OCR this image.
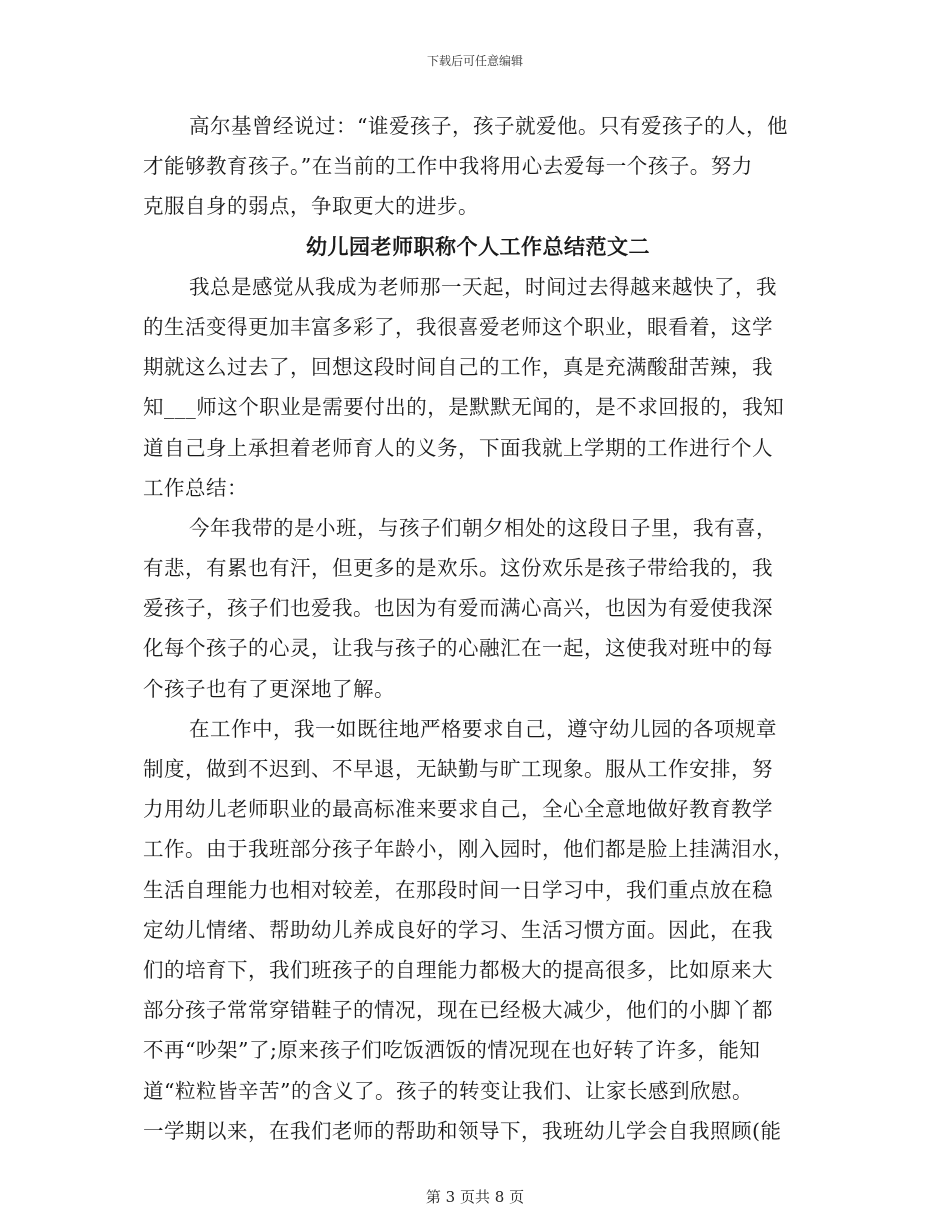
下载后可任意编辑
高尔基曾经说过：“谁爱孩子，孩子就爱他。只有爱孩子的人，他
才能够教育孩子。”在当前的工作中我将用心去爱每一个孩子。努力
克服自身的弱点，争取更大的进步。
幼儿园老师职称个人工作总结范文二
我总是感觉从我成为老师那一天起，时间过去得越来越快了，我
的生活变得更加丰富多彩了，我很喜爱老师这个职业，眼看着，这学
期就这么过去了，回想这段时间自己的工作，真是充满酸甜苦辣，我
知___师这个职业是需要付出的，是默默无闻的，是不求回报的，我知
道自己身上承担着老师育人的义务，下面我就上学期的工作进行个人
工作总结：
今年我带的是小班，与孩子们朝夕相处的这段日子里，我有喜，
有悲，有累也有汗，但更多的是欢乐。这份欢乐是孩子带给我的，我
爱孩子，孩子们也爱我。也因为有爱而满心高兴，也因为有爱使我深
化每个孩子的心灵，让我与孩子的心融汇在一起，这使我对班中的每
个孩子也有了更深地了解。
在工作中，我一如既往地严格要求自己，遵守幼儿园的各项规章
制度，做到不迟到、不早退，无缺勤与旷工现象。服从工作安排，努
力用幼儿老师职业的最高标准来要求自己，全心全意地做好教育教学
工作。由于我班部分孩子年龄小，刚入园时，他们都是脸上挂满泪水，
生活自理能力也相对较差，在那段时间一日学习中，我们重点放在稳
定幼儿情绪、帮助幼儿养成良好的学习、生活习惯方面。因此，在我
们的培育下，我们班孩子的自理能力都极大的提高很多，比如原来大
部分孩子常常穿错鞋子的情况，现在已经极大减少，他们的小脚丫都
不再“吵架”了;原来孩子们吃饭洒饭的情况现在也好转了许多，能知
道“粒粒皆辛苦”的含义了。孩子的转变让我们、让家长感到欣慰。
一学期以来，在我们老师的帮助和领导下，我班幼儿学会自我照顾(能
第 3 页共 8 页
